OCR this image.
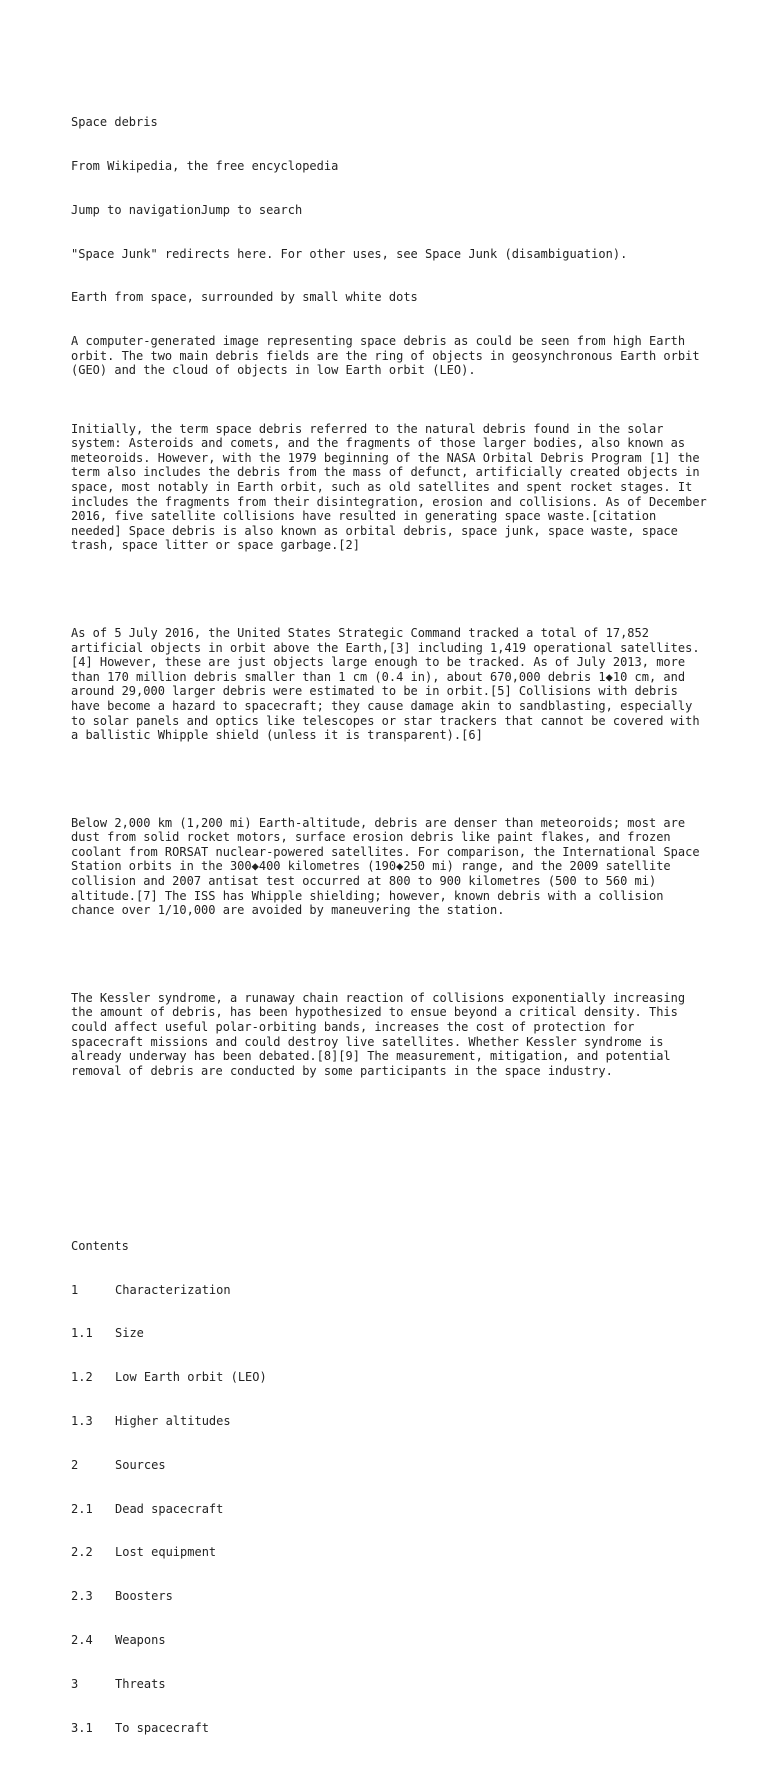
Space debris

From Wikipedia, the free encyclopedia

Jump to navigationJump to search

"Space Junk" redirects here. For other uses, see Space Junk (disambiguation).

Earth from space, surrounded by small white dots

A computer-generated image representing space debris as could be seen from high Earth orbit. The two main debris fields are the ring of objects in geosynchronous Earth orbit (GEO) and the cloud of objects in low Earth orbit (LEO).

Initially, the term space debris referred to the natural debris found in the solar system: Asteroids and comets, and the fragments of those larger bodies, also known as meteoroids. However, with the 1979 beginning of the NASA Orbital Debris Program [1] the term also includes the debris from the mass of defunct, artificially created objects in space, most notably in Earth orbit, such as old satellites and spent rocket stages. It includes the fragments from their disintegration, erosion and collisions. As of December 2016, five satellite collisions have resulted in generating space waste.[citation needed] Space debris is also known as orbital debris, space junk, space waste, space trash, space litter or space garbage.[2]

As of 5 July 2016, the United States Strategic Command tracked a total of 17,852 artificial objects in orbit above the Earth,[3] including 1,419 operational satellites.[4] However, these are just objects large enough to be tracked. As of July 2013, more than 170 million debris smaller than 1 cm (0.4 in), about 670,000 debris 1◆10 cm, and around 29,000 larger debris were estimated to be in orbit.[5] Collisions with debris have become a hazard to spacecraft; they cause damage akin to sandblasting, especially to solar panels and optics like telescopes or star trackers that cannot be covered with a ballistic Whipple shield (unless it is transparent).[6]

Below 2,000 km (1,200 mi) Earth-altitude, debris are denser than meteoroids; most are dust from solid rocket motors, surface erosion debris like paint flakes, and frozen coolant from RORSAT nuclear-powered satellites. For comparison, the International Space Station orbits in the 300◆400 kilometres (190◆250 mi) range, and the 2009 satellite collision and 2007 antisat test occurred at 800 to 900 kilometres (500 to 560 mi) altitude.[7] The ISS has Whipple shielding; however, known debris with a collision chance over 1/10,000 are avoided by maneuvering the station.

The Kessler syndrome, a runaway chain reaction of collisions exponentially increasing the amount of debris, has been hypothesized to ensue beyond a critical density. This could affect useful polar-orbiting bands, increases the cost of protection for spacecraft missions and could destroy live satellites. Whether Kessler syndrome is already underway has been debated.[8][9] The measurement, mitigation, and potential removal of debris are conducted by some participants in the space industry.

Contents

1	Characterization

1.1	Size

1.2	Low Earth orbit (LEO)

1.3	Higher altitudes

2	Sources

2.1	Dead spacecraft

2.2	Lost equipment

2.3	Boosters

2.4	Weapons

3	Threats

3.1	To spacecraft
